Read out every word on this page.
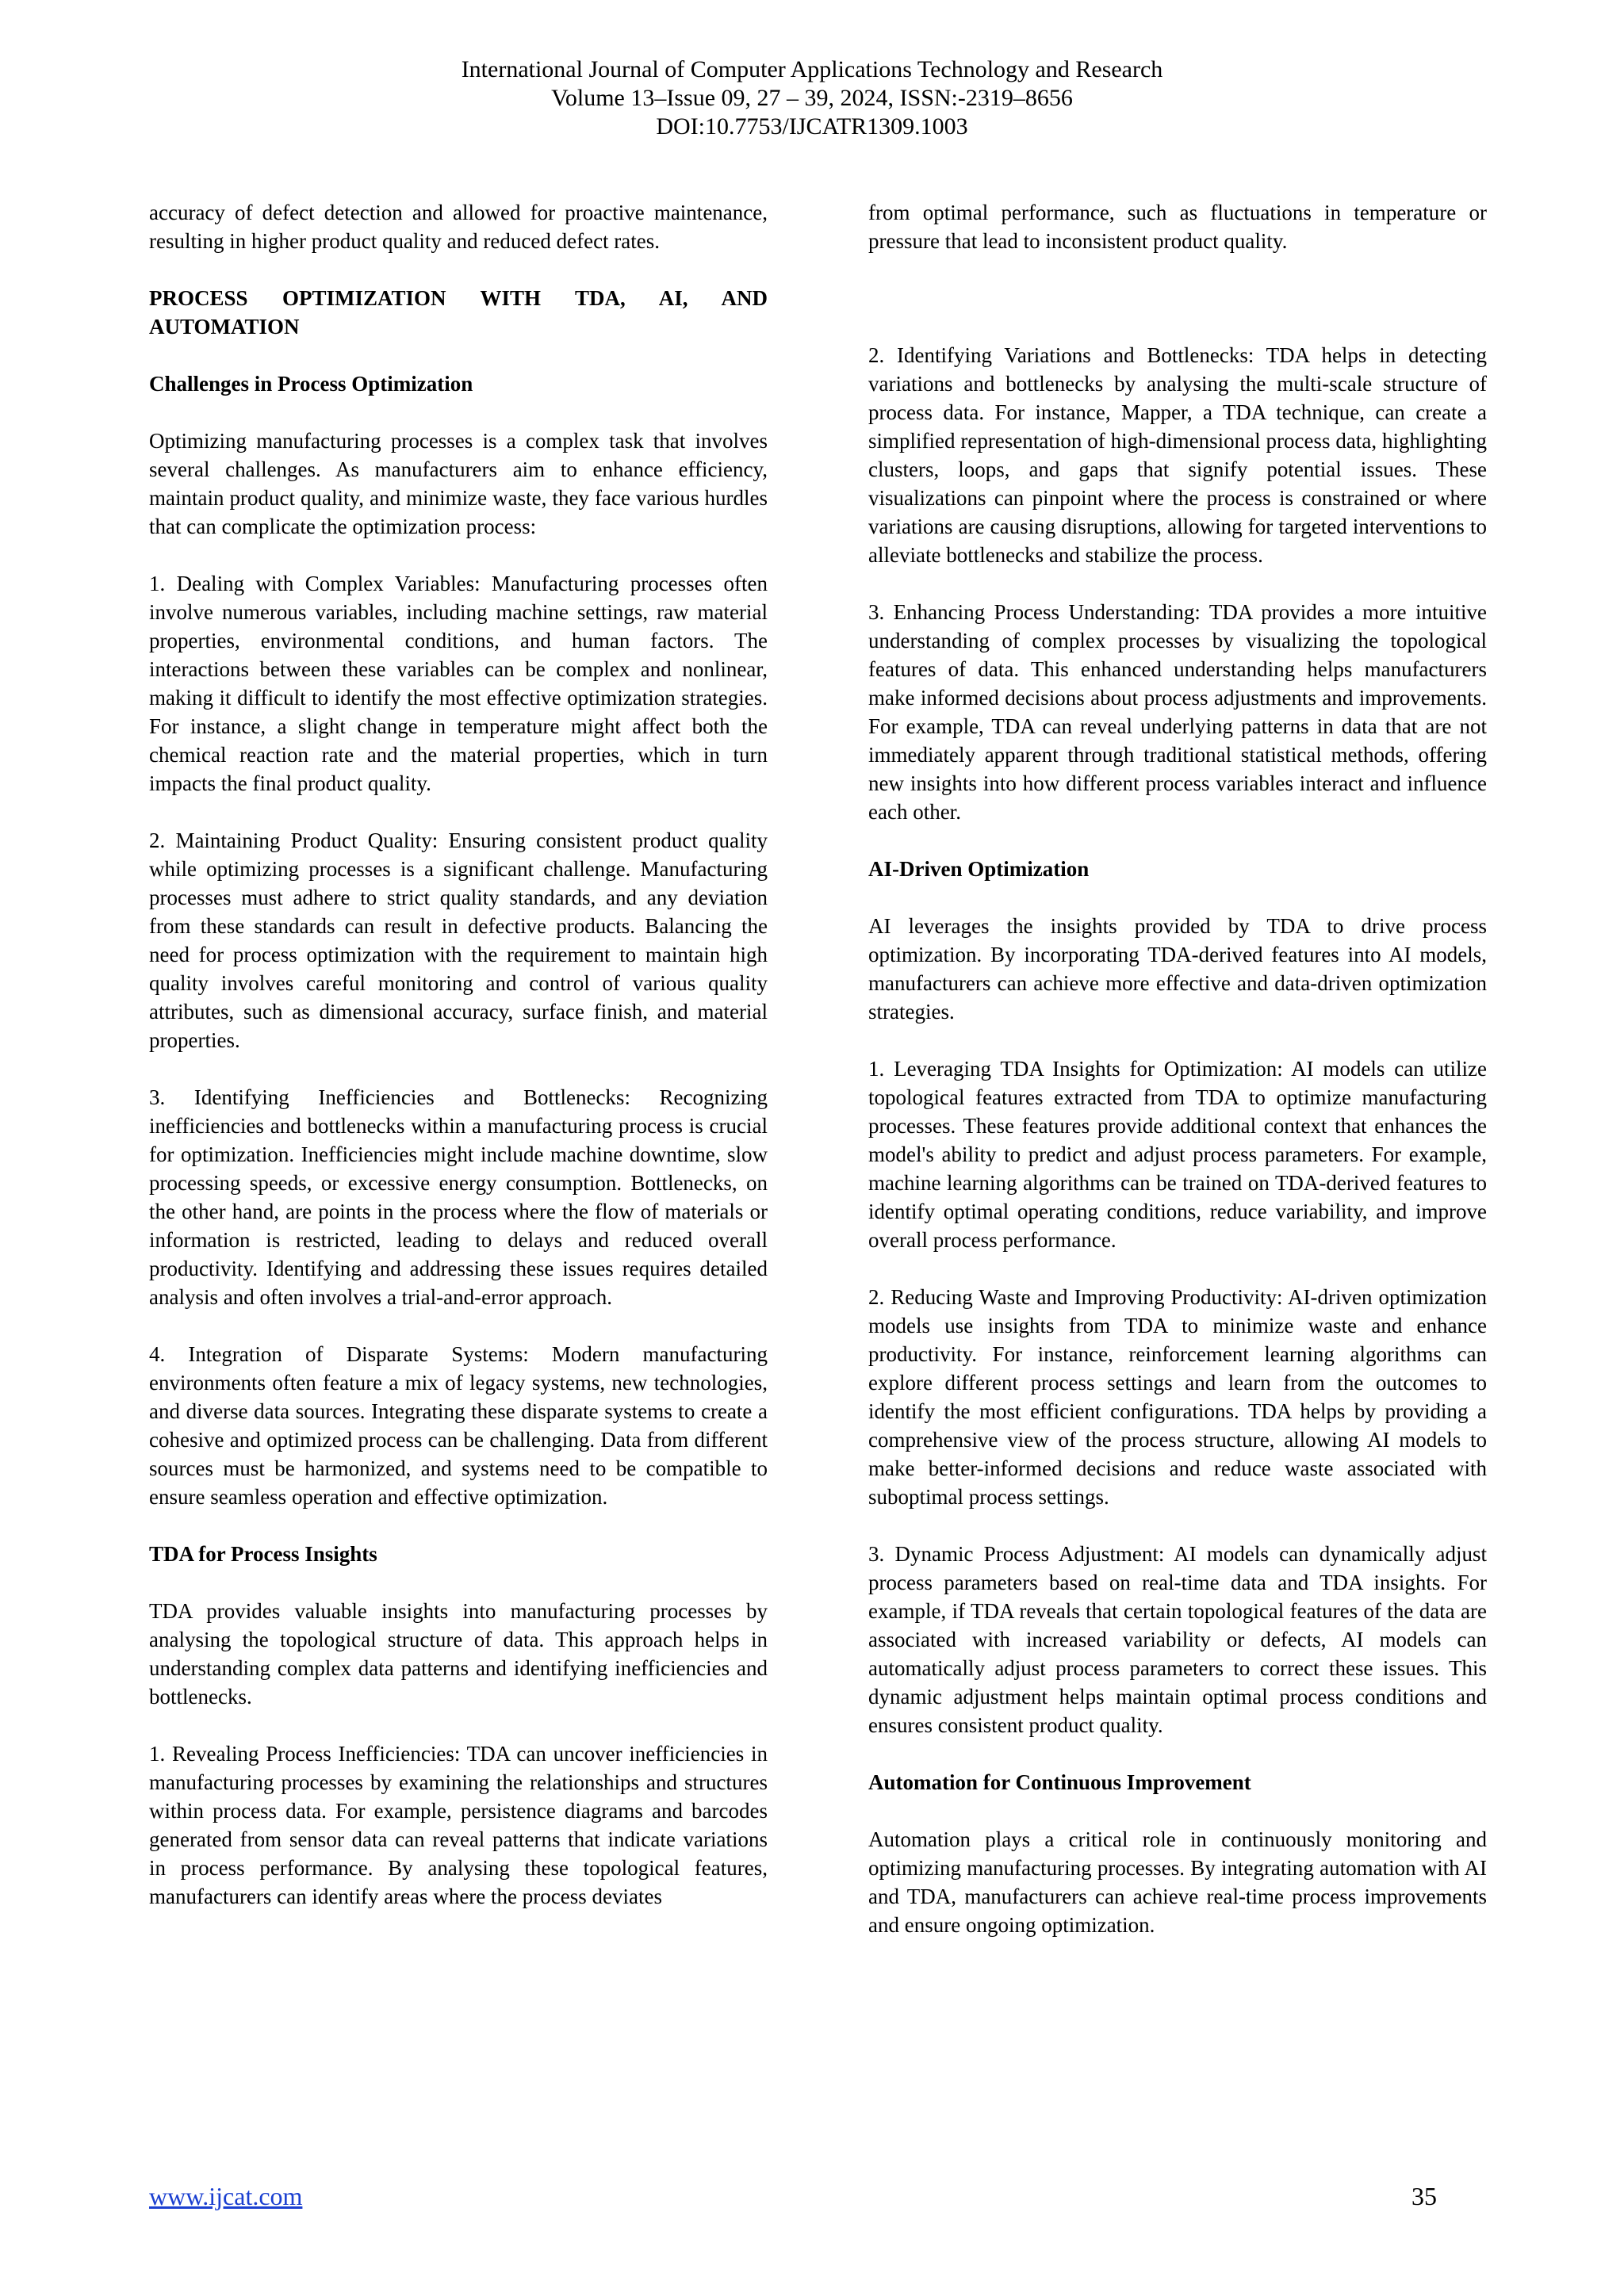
International Journal of Computer Applications Technology and Research
Volume 13–Issue 09, 27 – 39, 2024, ISSN:-2319–8656
DOI:10.7753/IJCATR1309.1003

accuracy of defect detection and allowed for proactive maintenance, resulting in higher product quality and reduced defect rates.

PROCESS OPTIMIZATION WITH TDA, AI, AND AUTOMATION
Challenges in Process Optimization

Optimizing manufacturing processes is a complex task that involves several challenges. As manufacturers aim to enhance efficiency, maintain product quality, and minimize waste, they face various hurdles that can complicate the optimization process:

1. Dealing with Complex Variables: Manufacturing processes often involve numerous variables, including machine settings, raw material properties, environmental conditions, and human factors. The interactions between these variables can be complex and nonlinear, making it difficult to identify the most effective optimization strategies. For instance, a slight change in temperature might affect both the chemical reaction rate and the material properties, which in turn impacts the final product quality.

2. Maintaining Product Quality: Ensuring consistent product quality while optimizing processes is a significant challenge. Manufacturing processes must adhere to strict quality standards, and any deviation from these standards can result in defective products. Balancing the need for process optimization with the requirement to maintain high quality involves careful monitoring and control of various quality attributes, such as dimensional accuracy, surface finish, and material properties.

3. Identifying Inefficiencies and Bottlenecks: Recognizing inefficiencies and bottlenecks within a manufacturing process is crucial for optimization. Inefficiencies might include machine downtime, slow processing speeds, or excessive energy consumption. Bottlenecks, on the other hand, are points in the process where the flow of materials or information is restricted, leading to delays and reduced overall productivity. Identifying and addressing these issues requires detailed analysis and often involves a trial-and-error approach.

4. Integration of Disparate Systems: Modern manufacturing environments often feature a mix of legacy systems, new technologies, and diverse data sources. Integrating these disparate systems to create a cohesive and optimized process can be challenging. Data from different sources must be harmonized, and systems need to be compatible to ensure seamless operation and effective optimization.

TDA for Process Insights

TDA provides valuable insights into manufacturing processes by analysing the topological structure of data. This approach helps in understanding complex data patterns and identifying inefficiencies and bottlenecks.

1. Revealing Process Inefficiencies: TDA can uncover inefficiencies in manufacturing processes by examining the relationships and structures within process data. For example, persistence diagrams and barcodes generated from sensor data can reveal patterns that indicate variations in process performance. By analysing these topological features, manufacturers can identify areas where the process deviates

from optimal performance, such as fluctuations in temperature or pressure that lead to inconsistent product quality.

2. Identifying Variations and Bottlenecks: TDA helps in detecting variations and bottlenecks by analysing the multi-scale structure of process data. For instance, Mapper, a TDA technique, can create a simplified representation of high-dimensional process data, highlighting clusters, loops, and gaps that signify potential issues. These visualizations can pinpoint where the process is constrained or where variations are causing disruptions, allowing for targeted interventions to alleviate bottlenecks and stabilize the process.

3. Enhancing Process Understanding: TDA provides a more intuitive understanding of complex processes by visualizing the topological features of data. This enhanced understanding helps manufacturers make informed decisions about process adjustments and improvements. For example, TDA can reveal underlying patterns in data that are not immediately apparent through traditional statistical methods, offering new insights into how different process variables interact and influence each other.

AI-Driven Optimization

AI leverages the insights provided by TDA to drive process optimization. By incorporating TDA-derived features into AI models, manufacturers can achieve more effective and data-driven optimization strategies.

1. Leveraging TDA Insights for Optimization: AI models can utilize topological features extracted from TDA to optimize manufacturing processes. These features provide additional context that enhances the model's ability to predict and adjust process parameters. For example, machine learning algorithms can be trained on TDA-derived features to identify optimal operating conditions, reduce variability, and improve overall process performance.

2. Reducing Waste and Improving Productivity: AI-driven optimization models use insights from TDA to minimize waste and enhance productivity. For instance, reinforcement learning algorithms can explore different process settings and learn from the outcomes to identify the most efficient configurations. TDA helps by providing a comprehensive view of the process structure, allowing AI models to make better-informed decisions and reduce waste associated with suboptimal process settings.

3. Dynamic Process Adjustment: AI models can dynamically adjust process parameters based on real-time data and TDA insights. For example, if TDA reveals that certain topological features of the data are associated with increased variability or defects, AI models can automatically adjust process parameters to correct these issues. This dynamic adjustment helps maintain optimal process conditions and ensures consistent product quality.

Automation for Continuous Improvement

Automation plays a critical role in continuously monitoring and optimizing manufacturing processes. By integrating automation with AI and TDA, manufacturers can achieve real-time process improvements and ensure ongoing optimization.

www.ijcat.com	35
